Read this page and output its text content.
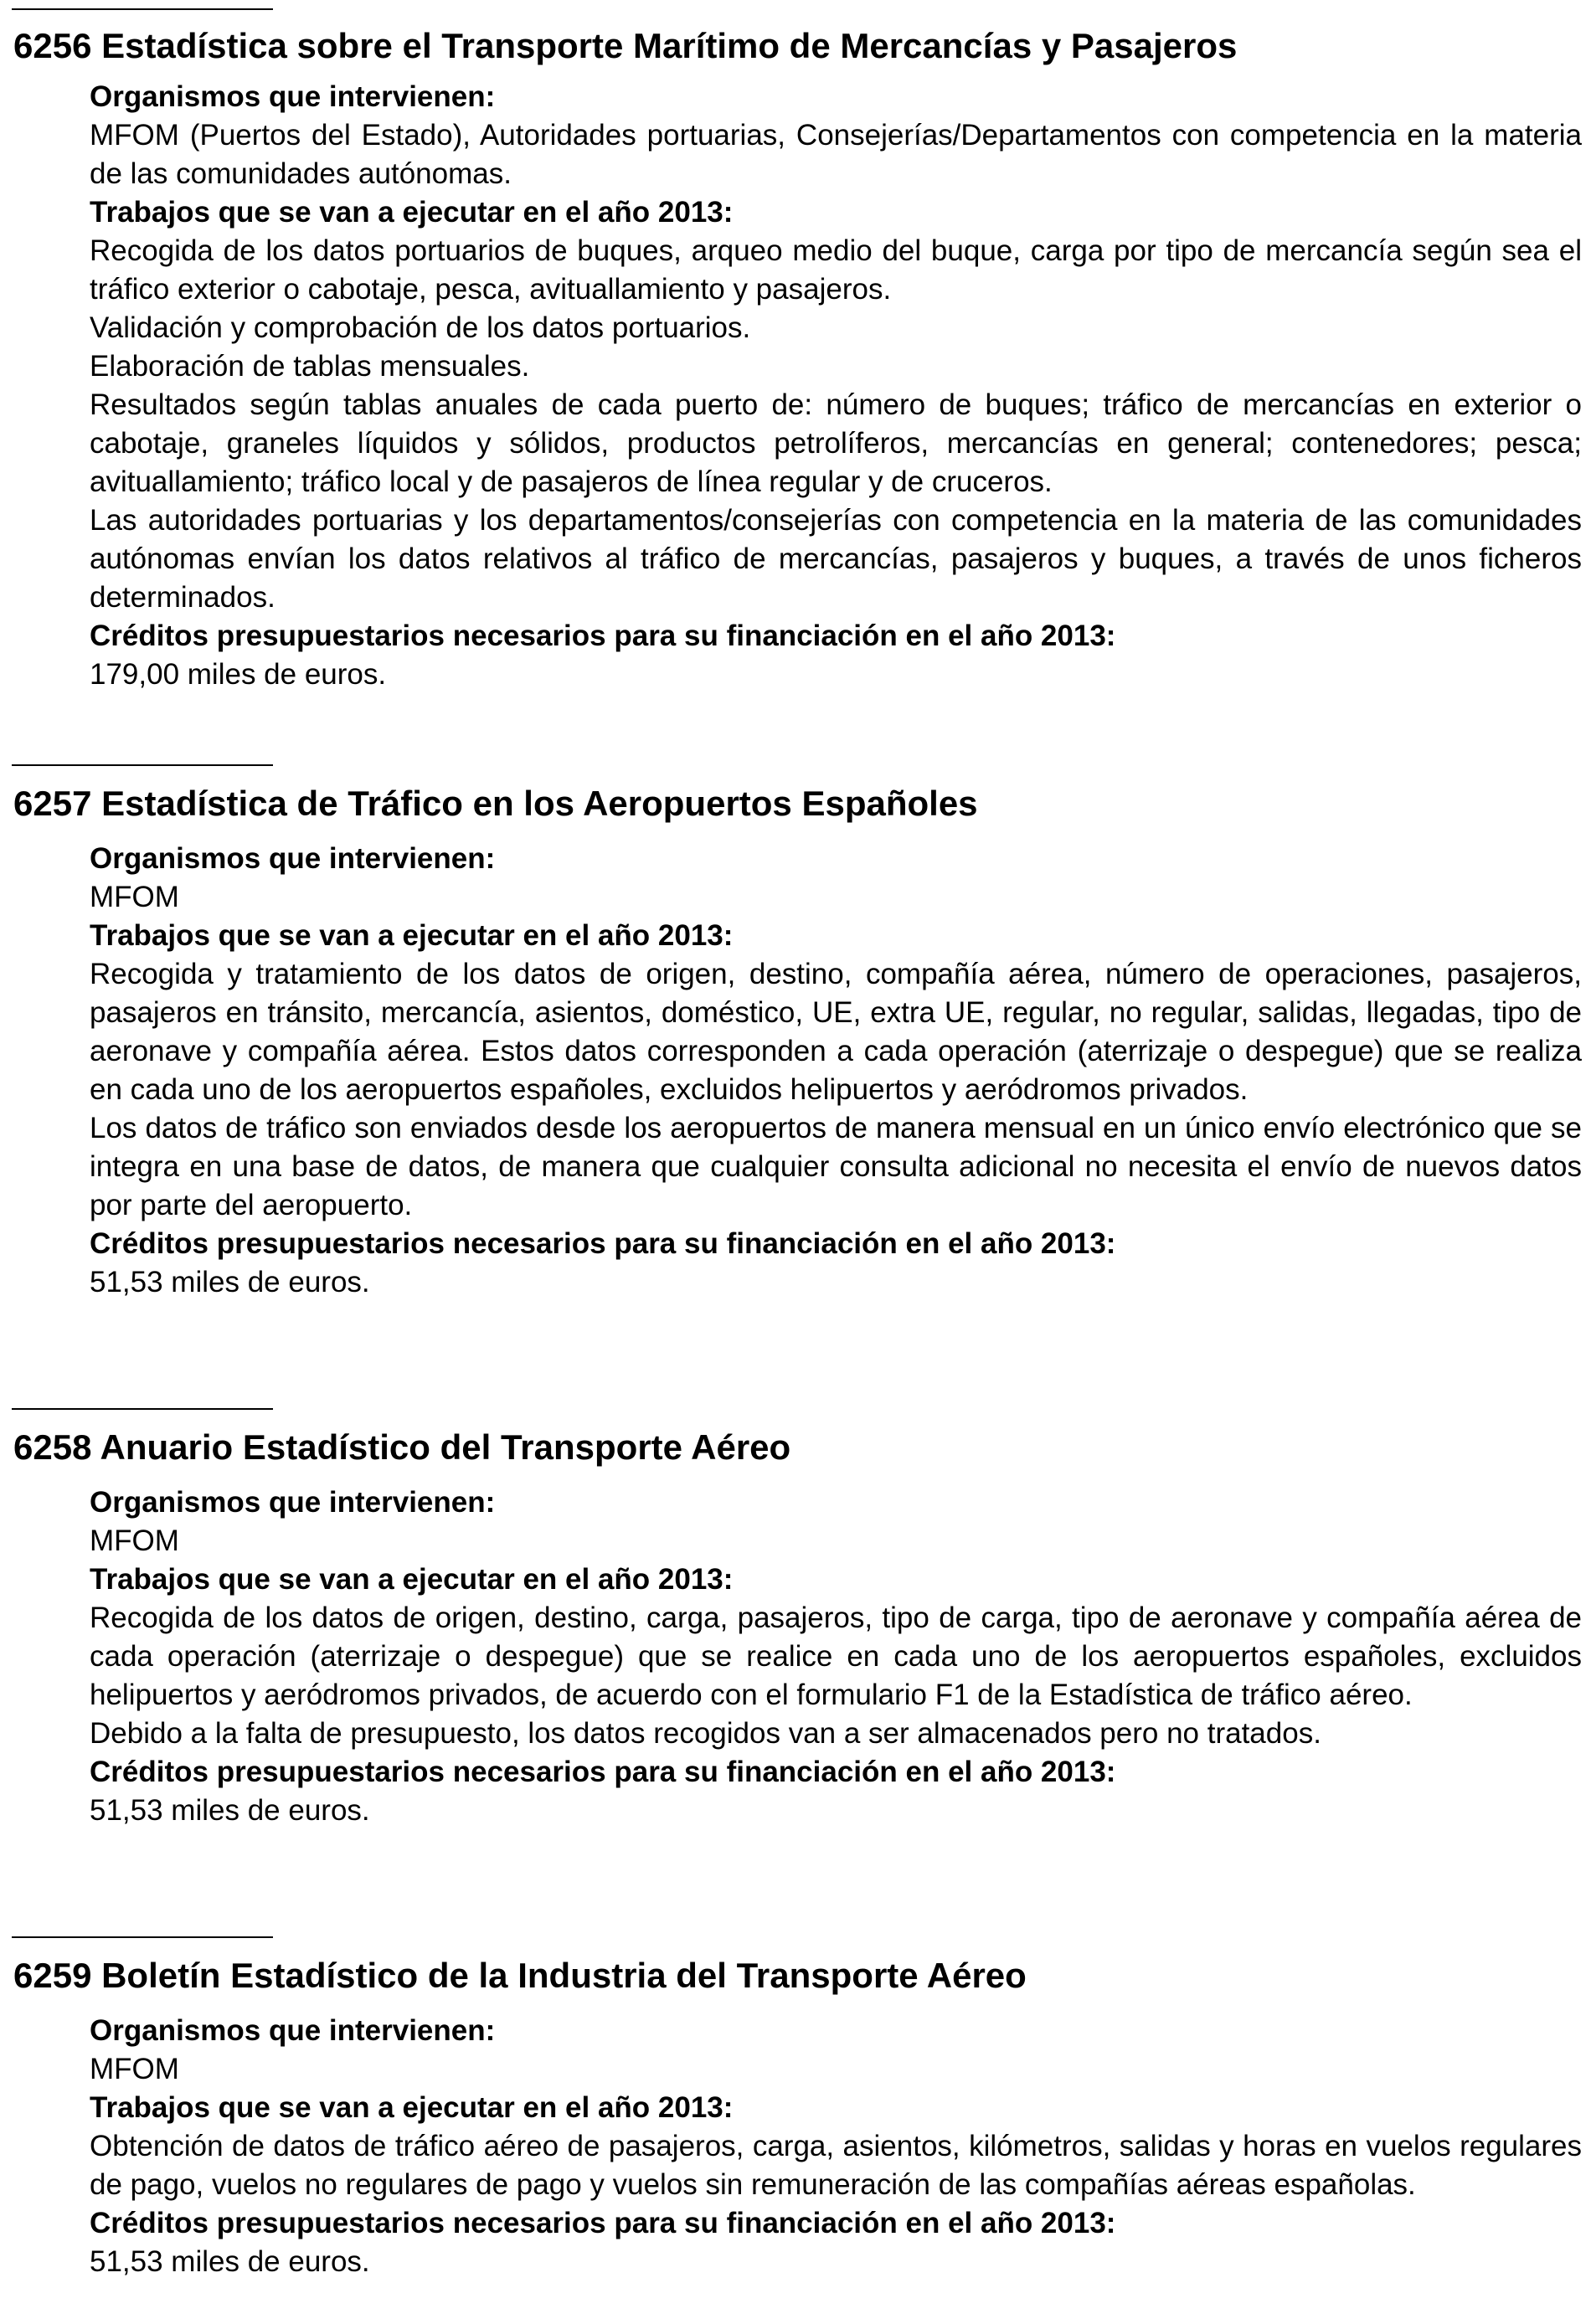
6256 Estadística sobre el Transporte Marítimo de Mercancías y Pasajeros
Organismos que intervienen:
MFOM (Puertos del Estado), Autoridades portuarias, Consejerías/Departamentos con competencia en la materia de las comunidades autónomas.
Trabajos que se van a ejecutar en el año 2013:
Recogida de los datos portuarios de buques, arqueo medio del buque, carga por tipo de mercancía según sea el tráfico exterior o cabotaje, pesca, avituallamiento y pasajeros.
Validación y comprobación de los datos portuarios.
Elaboración de tablas mensuales.
Resultados según tablas anuales de cada puerto de: número de buques; tráfico de mercancías en exterior o cabotaje, graneles líquidos y sólidos, productos petrolíferos, mercancías en general; contenedores; pesca; avituallamiento; tráfico local y de pasajeros de línea regular y de cruceros.
Las autoridades portuarias y los departamentos/consejerías con competencia en la materia de las comunidades autónomas envían los datos relativos al tráfico de mercancías, pasajeros y buques, a través de unos ficheros determinados.
Créditos presupuestarios necesarios para su financiación en el año 2013:
179,00 miles de euros.
6257 Estadística de Tráfico en los Aeropuertos Españoles
Organismos que intervienen:
MFOM
Trabajos que se van a ejecutar en el año 2013:
Recogida y tratamiento de los datos de origen, destino, compañía aérea, número de operaciones, pasajeros, pasajeros en tránsito, mercancía, asientos, doméstico, UE, extra UE, regular, no regular, salidas, llegadas, tipo de aeronave y compañía aérea. Estos datos corresponden a cada operación (aterrizaje o despegue) que se realiza en cada uno de los aeropuertos españoles, excluidos helipuertos y aeródromos privados.
Los datos de tráfico son enviados desde los aeropuertos de manera mensual en un único envío electrónico que se integra en una base de datos, de manera que cualquier consulta adicional no necesita el envío de nuevos datos por parte del aeropuerto.
Créditos presupuestarios necesarios para su financiación en el año 2013:
51,53 miles de euros.
6258 Anuario Estadístico del Transporte Aéreo
Organismos que intervienen:
MFOM
Trabajos que se van a ejecutar en el año 2013:
Recogida de los datos de origen, destino, carga, pasajeros, tipo de carga, tipo de aeronave y compañía aérea de cada operación (aterrizaje o despegue) que se realice en cada uno de los aeropuertos españoles, excluidos helipuertos y aeródromos privados, de acuerdo con el formulario F1 de la Estadística de tráfico aéreo.
Debido a la falta de presupuesto, los datos recogidos van a ser almacenados pero no tratados.
Créditos presupuestarios necesarios para su financiación en el año 2013:
51,53 miles de euros.
6259 Boletín Estadístico de la Industria del Transporte Aéreo
Organismos que intervienen:
MFOM
Trabajos que se van a ejecutar en el año 2013:
Obtención de datos de tráfico aéreo de pasajeros, carga, asientos, kilómetros, salidas y horas en vuelos regulares de pago, vuelos no regulares de pago y vuelos sin remuneración de las compañías aéreas españolas.
Créditos presupuestarios necesarios para su financiación en el año 2013:
51,53 miles de euros.
